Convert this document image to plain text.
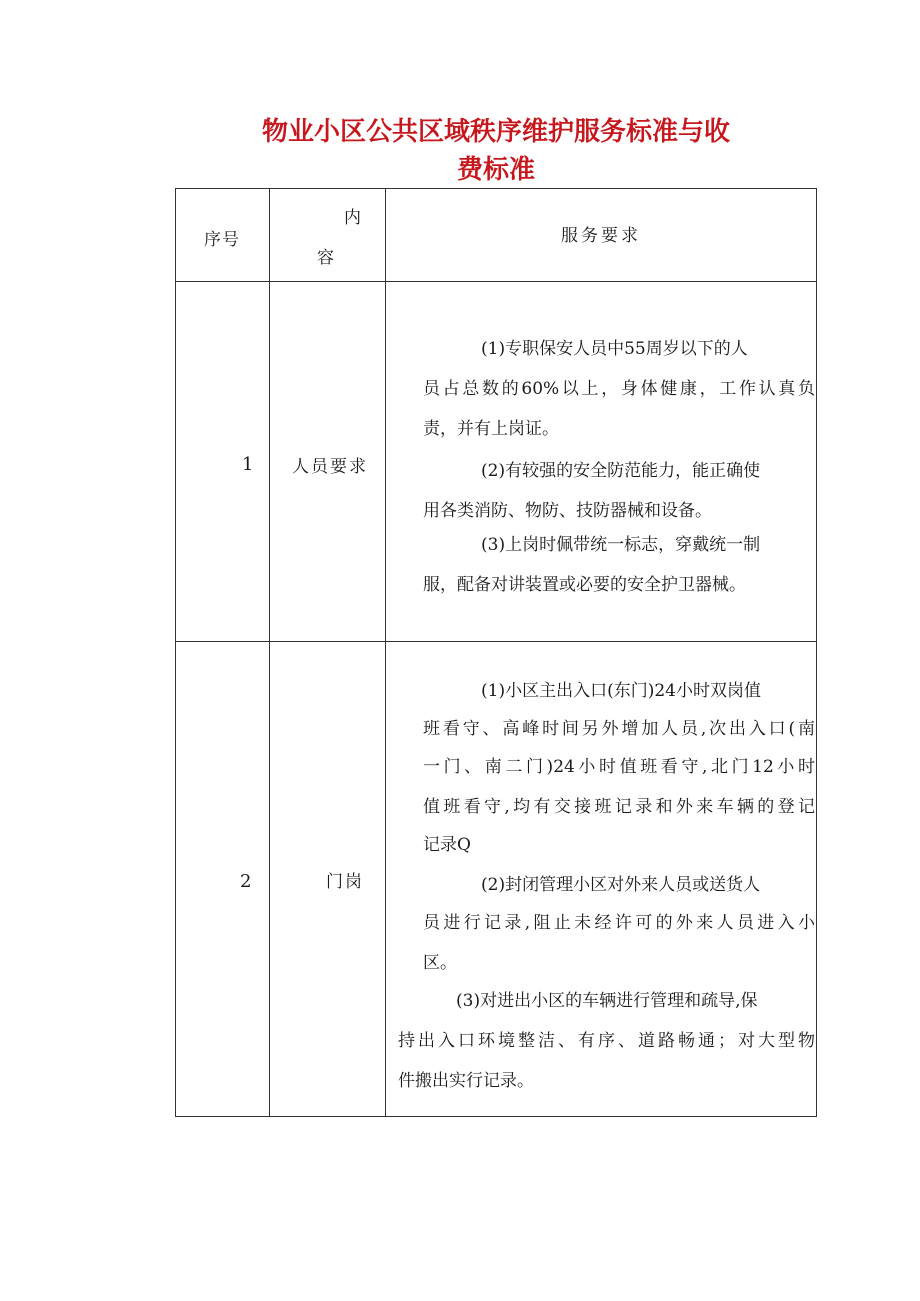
物业小区公共区域秩序维护服务标准与收
费标准
序号
内
容
服务要求
1 人员要求

(1)专职保安人员中55周岁以下的人

员占总数的60%以上，身体健康，工作认真负

责，并有上岗证。

(2)有较强的安全防范能力，能正确使

用各类消防、物防、技防器械和设备。

(3)上岗时佩带统一标志，穿戴统一制

服，配备对讲装置或必要的安全护卫器械。

2	门岗

(1)小区主出入口(东门)24小时双岗值

班看守、高峰时间另外增加人员,次出入口(南

一门、南二门)24小时值班看守,北门12小时

值班看守,均有交接班记录和外来车辆的登记

记录Q

(2)封闭管理小区对外来人员或送货人

员进行记录,阻止未经许可的外来人员进入小

区。

(3)对进出小区的车辆进行管理和疏导,保

持出入口环境整洁、有序、道路畅通；对大型物

件搬出实行记录。
